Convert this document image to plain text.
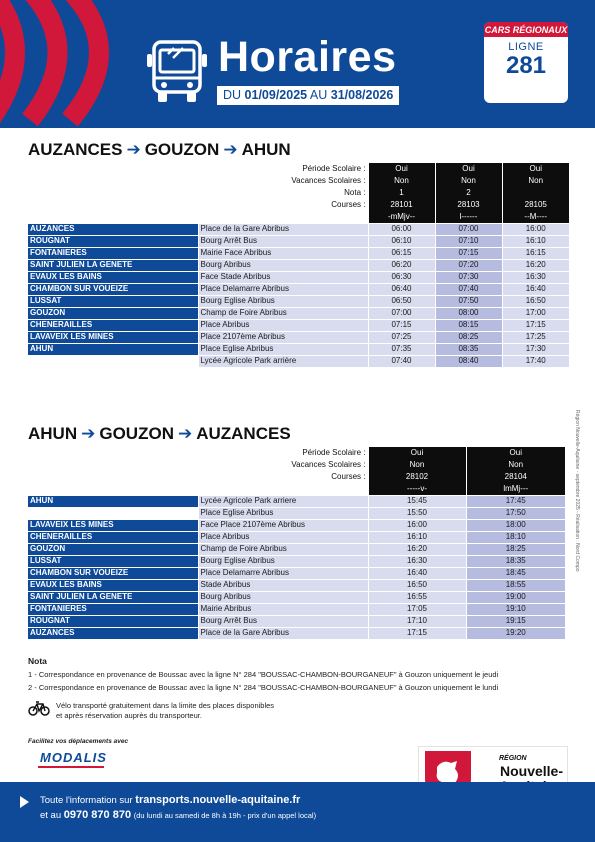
Horaires
DU 01/09/2025 AU 31/08/2026
CARS RÉGIONAUX
LIGNE
281
AUZANCES ➔ GOUZON ➔ AHUN
	Période Scolaire :	Oui	Oui	Oui
	Vacances Scolaires :	Non	Non	Non
	Nota :	1	2	
	Courses :	28101	28103	28105
		-mMjv--	l------	--M----
AUZANCES	Place de la Gare Abribus	06:00	07:00	16:00
ROUGNAT	Bourg Arrêt Bus	06:10	07:10	16:10
FONTANIERES	Mairie Face Abribus	06:15	07:15	16:15
SAINT JULIEN LA GENETE	Bourg Abribus	06:20	07:20	16:20
EVAUX LES BAINS	Face Stade Abribus	06:30	07:30	16:30
CHAMBON SUR VOUEIZE	Place Delamarre Abribus	06:40	07:40	16:40
LUSSAT	Bourg Eglise Abribus	06:50	07:50	16:50
GOUZON	Champ de Foire Abribus	07:00	08:00	17:00
CHENERAILLES	Place Abribus	07:15	08:15	17:15
LAVAVEIX LES MINES	Place 2107ème Abribus	07:25	08:25	17:25
AHUN	Place Eglise Abribus	07:35	08:35	17:30
	Lycée Agricole Park arrière	07:40	08:40	17:40
AHUN ➔ GOUZON ➔ AUZANCES
	Période Scolaire :	Oui	Oui
	Vacances Scolaires :	Non	Non
	Courses :	28102	28104
		-----v-	lmMj---
AHUN	Lycée Agricole Park arriere	15:45	17:45
	Place Eglise Abribus	15:50	17:50
LAVAVEIX LES MINES	Face Place 2107ème Abribus	16:00	18:00
CHENERAILLES	Place Abribus	16:10	18:10
GOUZON	Champ de Foire Abribus	16:20	18:25
LUSSAT	Bourg Eglise Abribus	16:30	18:35
CHAMBON SUR VOUEIZE	Place Delamarre Abribus	16:40	18:45
EVAUX LES BAINS	Stade Abribus	16:50	18:55
SAINT JULIEN LA GENETE	Bourg Abribus	16:55	19:00
FONTANIERES	Mairie Abribus	17:05	19:10
ROUGNAT	Bourg Arrêt Bus	17:10	19:15
AUZANCES	Place de la Gare Abribus	17:15	19:20
Région Nouvelle-Aquitaine - septembre 2025 - Réalisation : Nord Compo
Nota
1 - Correspondance en provenance de Boussac avec la ligne N° 284 "BOUSSAC-CHAMBON-BOURGANEUF" à Gouzon uniquement le jeudi
2 - Correspondance en provenance de Boussac avec la ligne N° 284 "BOUSSAC-CHAMBON-BOURGANEUF" à Gouzon uniquement le lundi
Vélo transporté gratuitement dans la limite des places disponibles
et après réservation auprès du transporteur.
Facilitez vos déplacements avec
MODALIS	RÉGION
Nouvelle-
Toute l'information sur transports.nouvelle-aquitaine.fr
et au 0970 870 870 (du lundi au samedi de 8h à 19h - prix d'un appel local)
